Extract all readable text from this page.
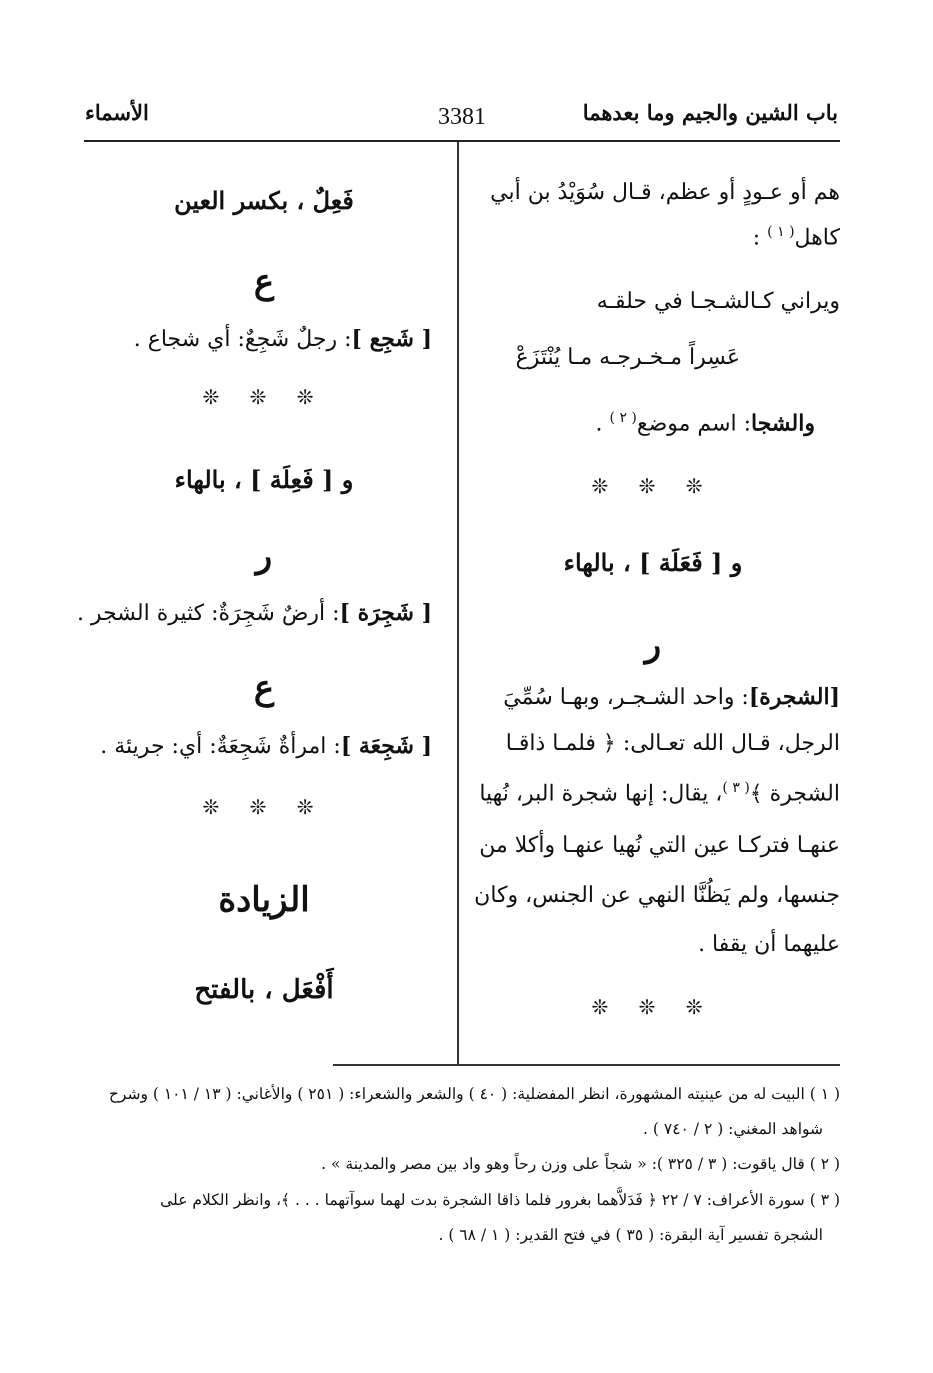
باب الشين والجيم وما بعدهما
3381
الأسماء
هم أو عـودٍ أو عظم، قـال سُوَيْدُ بن أبي
كاهل$^{( ١ )}$ :
ويراني كـالشـجـا في حلقـه
عَسِراً مـخـرجـه مـا يُنْتَزَعْ
والشجا: اسم موضع$^{( ٢ )}$ .
❊ ❊ ❊
و [ فَعَلَة ] ، بالهاء
ر
[الشجرة]: واحد الشـجـر، وبهـا سُمِّيَ
الرجل، قـال الله تعـالى: ﴿ فلمـا ذاقـا
الشجرة ﴾$^{( ٣ )}$، يقال: إنها شجرة البر، نُهيا
عنهـا فتركـا عين التي نُهيا عنهـا وأكلا من
جنسها، ولم يَظُنَّا النهي عن الجنس، وكان
عليهما أن يقفا .
❊ ❊ ❊
فَعِلٌ ، بكسر العين
ع
[ شَجِع ]: رجلٌ شَجِعٌ: أي شجاع .
❊ ❊ ❊
و [ فَعِلَة ] ، بالهاء
ر
[ شَجِرَة ]: أرضٌ شَجِرَةٌ: كثيرة الشجر .
ع
[ شَجِعَة ]: امرأةٌ شَجِعَةٌ: أي: جريئة .
❊ ❊ ❊
الزيادة
أَفْعَل ، بالفتح
( ١ ) البيت له من عينيته المشهورة، انظر المفضلية: ( ٤٠ ) والشعر والشعراء: ( ٢٥١ ) والأغاني: ( ١٣ / ١٠١ ) وشرح
شواهد المغني: ( ٢ / ٧٤٠ ) .
( ٢ ) قال ياقوت: ( ٣ / ٣٢٥ ): « شجاً على وزن رحاً وهو واد بين مصر والمدينة » .
( ٣ ) سورة الأعراف: ٧ / ٢٢ ﴿ فَدَلاَّهما بغرور فلما ذاقا الشجرة بدت لهما سوآتهما . . . ﴾، وانظر الكلام على
الشجرة تفسير آية البقرة: ( ٣٥ ) في فتح القدير: ( ١ / ٦٨ ) .
